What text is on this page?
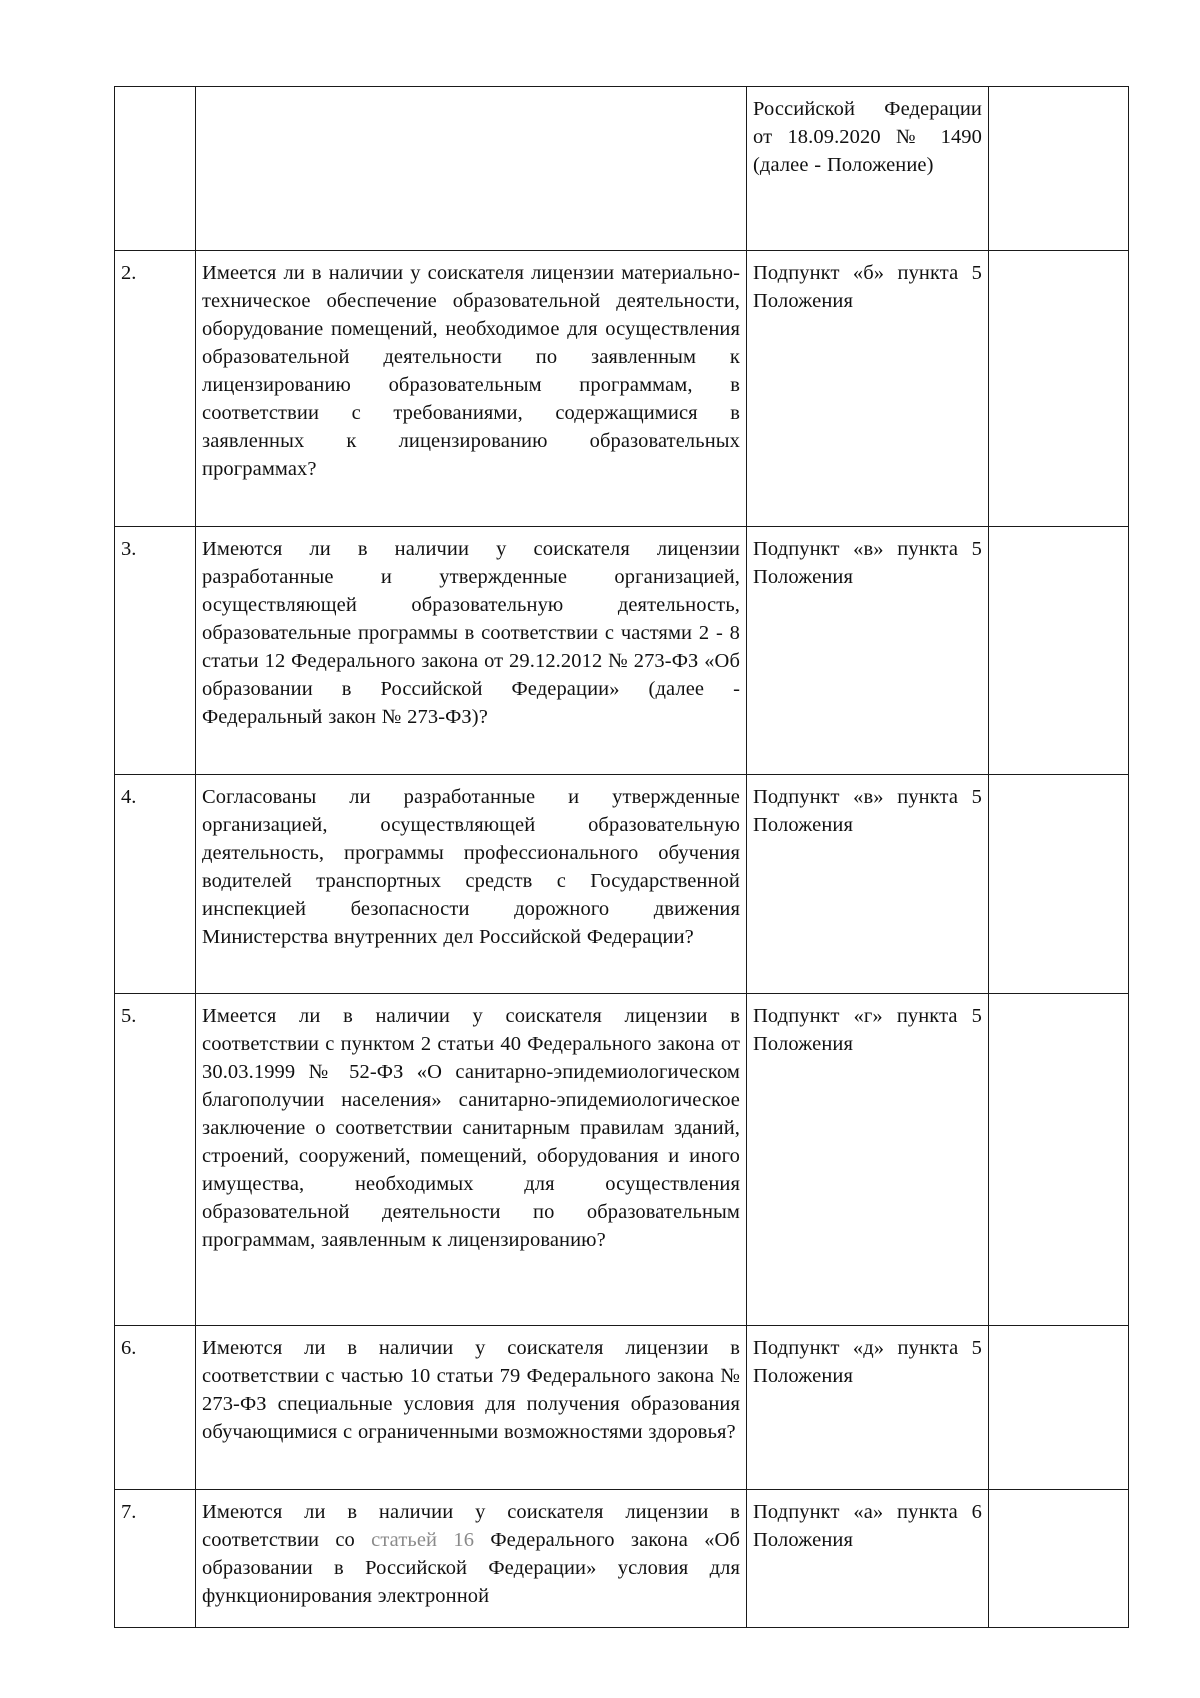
		Российской Федерации от 18.09.2020 № 1490 (далее - Положение)	
2.	Имеется ли в наличии у соискателя лицензии материально-техническое обеспечение образовательной деятельности, оборудование помещений, необходимое для осуществления образовательной деятельности по заявленным к лицензированию образовательным программам, в соответствии с требованиями, содержащимися в заявленных к лицензированию образовательных программах?	Подпункт «б» пункта 5 Положения	
3.	Имеются ли в наличии у соискателя лицензии разработанные и утвержденные организацией, осуществляющей образовательную деятельность, образовательные программы в соответствии с частями 2 - 8 статьи 12 Федерального закона от 29.12.2012 № 273-ФЗ «Об образовании в Российской Федерации» (далее - Федеральный закон № 273-ФЗ)?	Подпункт «в» пункта 5 Положения	
4.	Согласованы ли разработанные и утвержденные организацией, осуществляющей образовательную деятельность, программы профессионального обучения водителей транспортных средств с Государственной инспекцией безопасности дорожного движения Министерства внутренних дел Российской Федерации?	Подпункт «в» пункта 5 Положения	
5.	Имеется ли в наличии у соискателя лицензии в соответствии с пунктом 2 статьи 40 Федерального закона от 30.03.1999 № 52-ФЗ «О санитарно-эпидемиологическом благополучии населения» санитарно-эпидемиологическое заключение о соответствии санитарным правилам зданий, строений, сооружений, помещений, оборудования и иного имущества, необходимых для осуществления образовательной деятельности по образовательным программам, заявленным к лицензированию?	Подпункт «г» пункта 5 Положения	
6.	Имеются ли в наличии у соискателя лицензии в соответствии с частью 10 статьи 79 Федерального закона № 273-ФЗ специальные условия для получения образования обучающимися с ограниченными возможностями здоровья?	Подпункт «д» пункта 5 Положения	
7.	Имеются ли в наличии у соискателя лицензии в соответствии со статьей 16 Федерального закона «Об образовании в Российской Федерации» условия для функционирования электронной	Подпункт «а» пункта 6 Положения	
